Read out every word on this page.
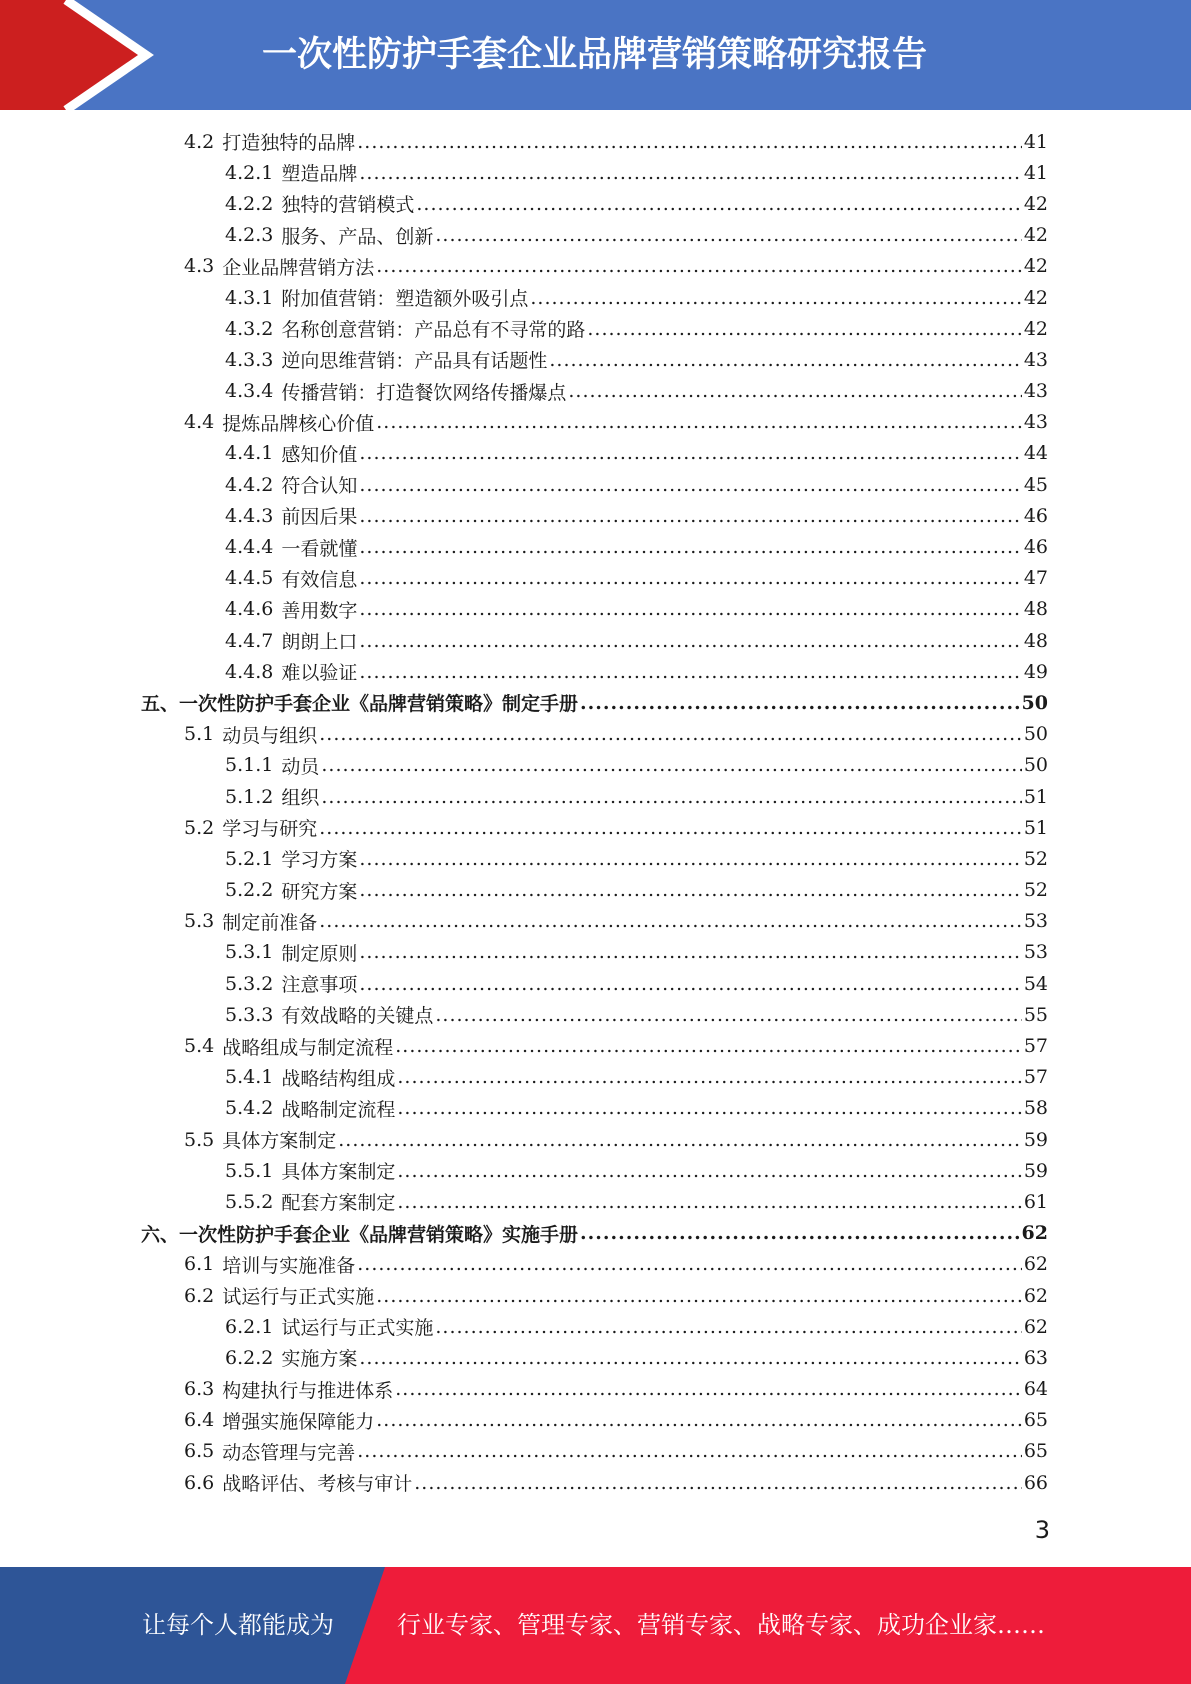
一次性防护手套企业品牌营销策略研究报告
4.2 打造独特的品牌 .....	41
4.2.1 塑造品牌 .....	41
4.2.2 独特的营销模式 .....	42
4.2.3 服务、产品、创新 .....	42
4.3 企业品牌营销方法 .....	42
4.3.1 附加值营销：塑造额外吸引点 .....	42
4.3.2 名称创意营销：产品总有不寻常的路 .....	42
4.3.3 逆向思维营销：产品具有话题性 .....	43
4.3.4 传播营销：打造餐饮网络传播爆点 .....	43
4.4 提炼品牌核心价值 .....	43
4.4.1 感知价值 .....	44
4.4.2 符合认知 .....	45
4.4.3 前因后果 .....	46
4.4.4 一看就懂 .....	46
4.4.5 有效信息 .....	47
4.4.6 善用数字 .....	48
4.4.7 朗朗上口 .....	48
4.4.8 难以验证 .....	49
五、一次性防护手套企业《品牌营销策略》制定手册 .....	50
5.1 动员与组织 .....	50
5.1.1 动员 .....	50
5.1.2 组织 .....	51
5.2 学习与研究 .....	51
5.2.1 学习方案 .....	52
5.2.2 研究方案 .....	52
5.3 制定前准备 .....	53
5.3.1 制定原则 .....	53
5.3.2 注意事项 .....	54
5.3.3 有效战略的关键点 .....	55
5.4 战略组成与制定流程 .....	57
5.4.1 战略结构组成 .....	57
5.4.2 战略制定流程 .....	58
5.5 具体方案制定 .....	59
5.5.1 具体方案制定 .....	59
5.5.2 配套方案制定 .....	61
六、一次性防护手套企业《品牌营销策略》实施手册 .....	62
6.1 培训与实施准备 .....	62
6.2 试运行与正式实施 .....	62
6.2.1 试运行与正式实施 .....	62
6.2.2 实施方案 .....	63
6.3 构建执行与推进体系 .....	64
6.4 增强实施保障能力 .....	65
6.5 动态管理与完善 .....	65
6.6 战略评估、考核与审计 .....	66
3
让每个人都能成为	行业专家、管理专家、营销专家、战略专家、成功企业家……
